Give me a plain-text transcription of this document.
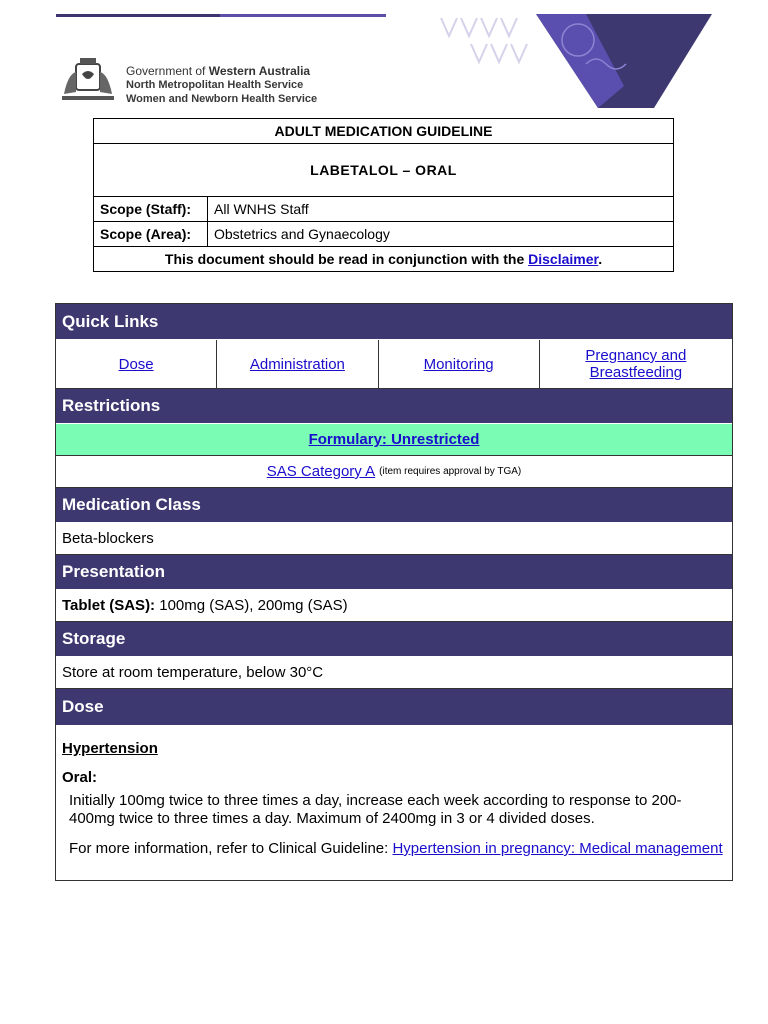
Government of Western Australia
North Metropolitan Health Service
Women and Newborn Health Service
ADULT MEDICATION GUIDELINE	
LABETALOL – ORAL	
Scope (Staff):	All WNHS Staff
Scope (Area):	Obstetrics and Gynaecology
This document should be read in conjunction with the Disclaimer.	
Quick Links
Dose	Administration	Monitoring	Pregnancy and Breastfeeding
Restrictions
Formulary: Unrestricted
SAS Category A (item requires approval by TGA)
Medication Class
Beta-blockers
Presentation
Tablet (SAS): 100mg (SAS), 200mg (SAS)
Storage
Store at room temperature, below 30°C
Dose
Hypertension
Oral:

Initially 100mg twice to three times a day, increase each week according to response to 200-400mg twice to three times a day. Maximum of 2400mg in 3 or 4 divided doses.

For more information, refer to Clinical Guideline: Hypertension in pregnancy: Medical management
